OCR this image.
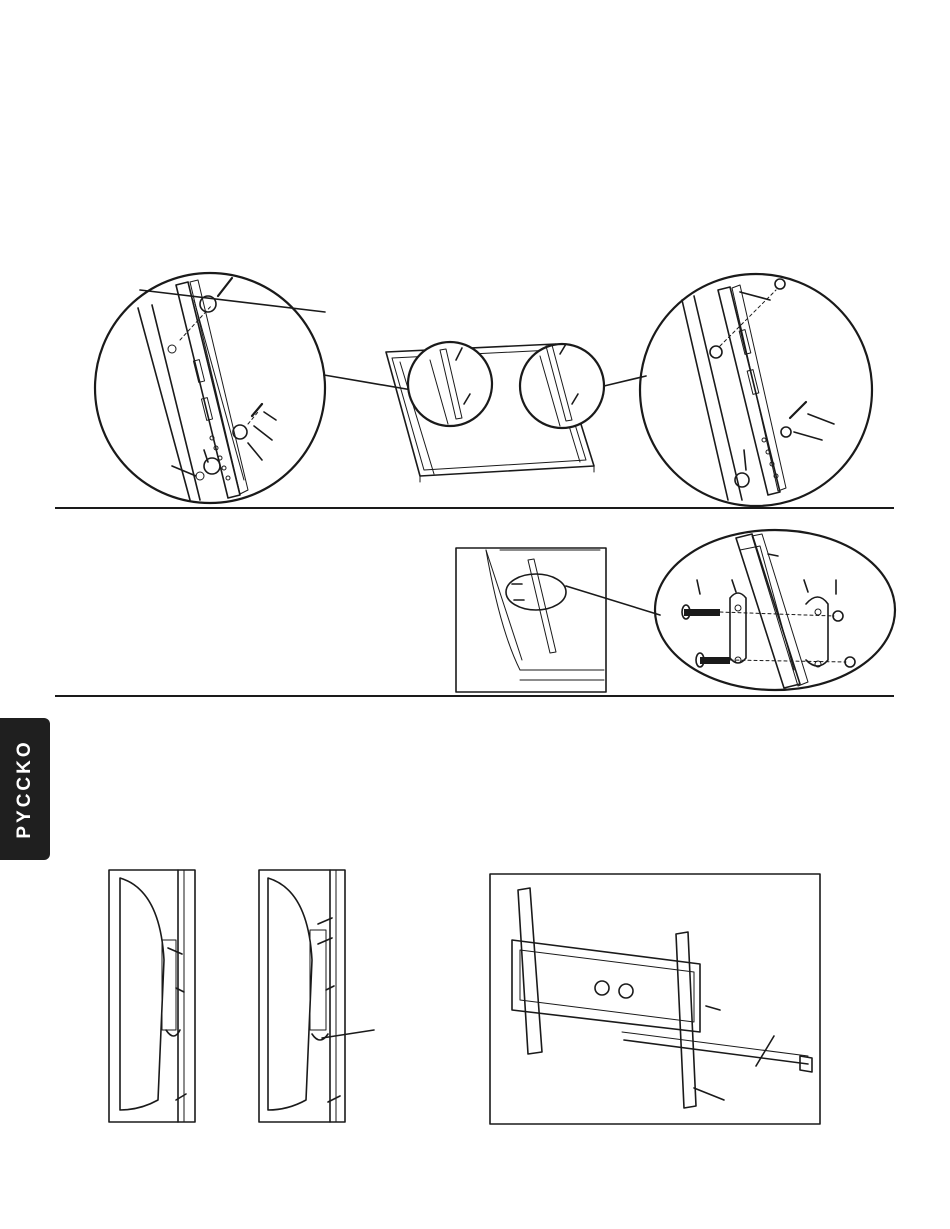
PYCCKO
